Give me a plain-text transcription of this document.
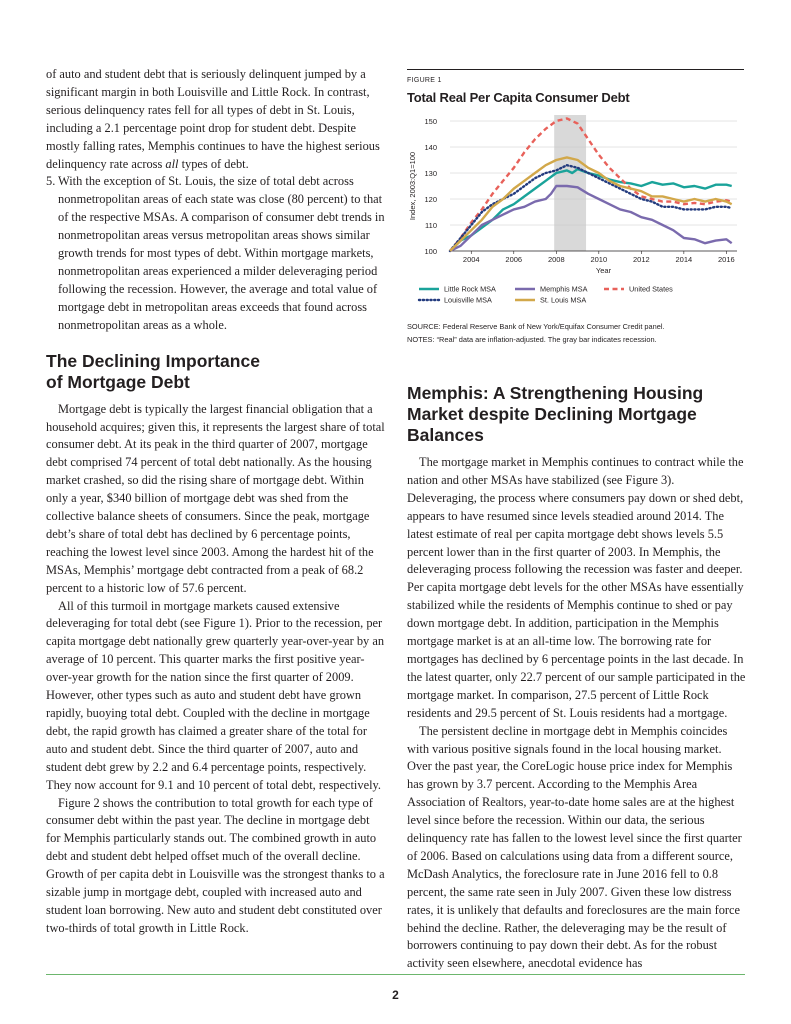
of auto and student debt that is seriously delinquent jumped by a significant margin in both Louisville and Little Rock. In contrast, serious delinquency rates fell for all types of debt in St. Louis, including a 2.1 percentage point drop for student debt. Despite mostly falling rates, Memphis continues to have the highest serious delinquency rate across all types of debt.

5. With the exception of St. Louis, the size of total debt across nonmetropolitan areas of each state was close (80 percent) to that of the respective MSAs. A comparison of consumer debt trends in nonmetropolitan areas versus metropolitan areas shows similar growth trends for most types of debt. Within mortgage markets, nonmetropolitan areas experienced a milder deleveraging period following the recession. However, the average and total value of mortgage debt in metropolitan areas exceeds that found across nonmetropolitan areas as a whole.

The Declining Importance
of Mortgage Debt

Mortgage debt is typically the largest financial obligation that a household acquires; given this, it represents the largest share of total consumer debt. At its peak in the third quarter of 2007, mortgage debt comprised 74 percent of total debt nationally. As the housing market crashed, so did the rising share of mortgage debt. Within only a year, $340 billion of mortgage debt was shed from the collective balance sheets of consumers. Since the peak, mortgage debt’s share of total debt has declined by 6 percentage points, reaching the lowest level since 2003. Among the hardest hit of the MSAs, Memphis’ mortgage debt contracted from a peak of 68.2 percent to a historic low of 57.6 percent.

All of this turmoil in mortgage markets caused extensive deleveraging for total debt (see Figure 1). Prior to the recession, per capita mortgage debt nationally grew quarterly year-over-year by an average of 10 percent. This quarter marks the first positive year-over-year growth for the nation since the first quarter of 2009. However, other types such as auto and student debt have grown rapidly, buoying total debt. Coupled with the decline in mortgage debt, the rapid growth has claimed a greater share of the total for auto and student debt. Since the third quarter of 2007, auto and student debt grew by 2.2 and 6.4 percentage points, respectively. They now account for 9.1 and 10 percent of total debt, respectively.

Figure 2 shows the contribution to total growth for each type of consumer debt within the past year. The decline in mortgage debt for Memphis particularly stands out. The combined growth in auto debt and student debt helped offset much of the overall decline. Growth of per capita debt in Louisville was the strongest thanks to a sizable jump in mortgage debt, coupled with increased auto and student loan borrowing. New auto and student debt constituted over two-thirds of total growth in Little Rock.

FIGURE 1
Total Real Per Capita Consumer Debt
100
110
120
130
140
150
2004	2006	2008	2010	2012	2014	2016
Year
Index, 2003:Q1=100
Little Rock MSA	Memphis MSA	United States
Louisville MSA	St. Louis MSA
SOURCE: Federal Reserve Bank of New York/Equifax Consumer Credit panel.
NOTES: “Real” data are inflation-adjusted. The gray bar indicates recession.
Memphis: A Strengthening Housing
Market despite Declining Mortgage
Balances

The mortgage market in Memphis continues to contract while the nation and other MSAs have stabilized (see Figure 3). Deleveraging, the process where consumers pay down or shed debt, appears to have resumed since levels steadied around 2014. The latest estimate of real per capita mortgage debt shows levels 5.5 percent lower than in the first quarter of 2003. In Memphis, the deleveraging process following the recession was faster and deeper. Per capita mortgage debt levels for the other MSAs have essentially stabilized while the residents of Memphis continue to shed or pay down mortgage debt. In addition, participation in the Memphis mortgage market is at an all-time low. The borrowing rate for mortgages has declined by 6 percentage points in the last decade. In the latest quarter, only 22.7 percent of our sample participated in the mortgage market. In comparison, 27.5 percent of Little Rock residents and 29.5 percent of St. Louis residents had a mortgage.

The persistent decline in mortgage debt in Memphis coincides with various positive signals found in the local housing market. Over the past year, the CoreLogic house price index for Memphis has grown by 3.7 percent. According to the Memphis Area Association of Realtors, year-to-date home sales are at the highest level since before the recession. Within our data, the serious delinquency rate has fallen to the lowest level since the first quarter of 2006. Based on calculations using data from a different source, McDash Analytics, the foreclosure rate in June 2016 fell to 0.8 percent, the same rate seen in July 2007. Given these low distress rates, it is unlikely that defaults and foreclosures are the main force behind the decline. Rather, the deleveraging may be the result of borrowers continuing to pay down their debt. As for the robust activity seen elsewhere, anecdotal evidence has

2
